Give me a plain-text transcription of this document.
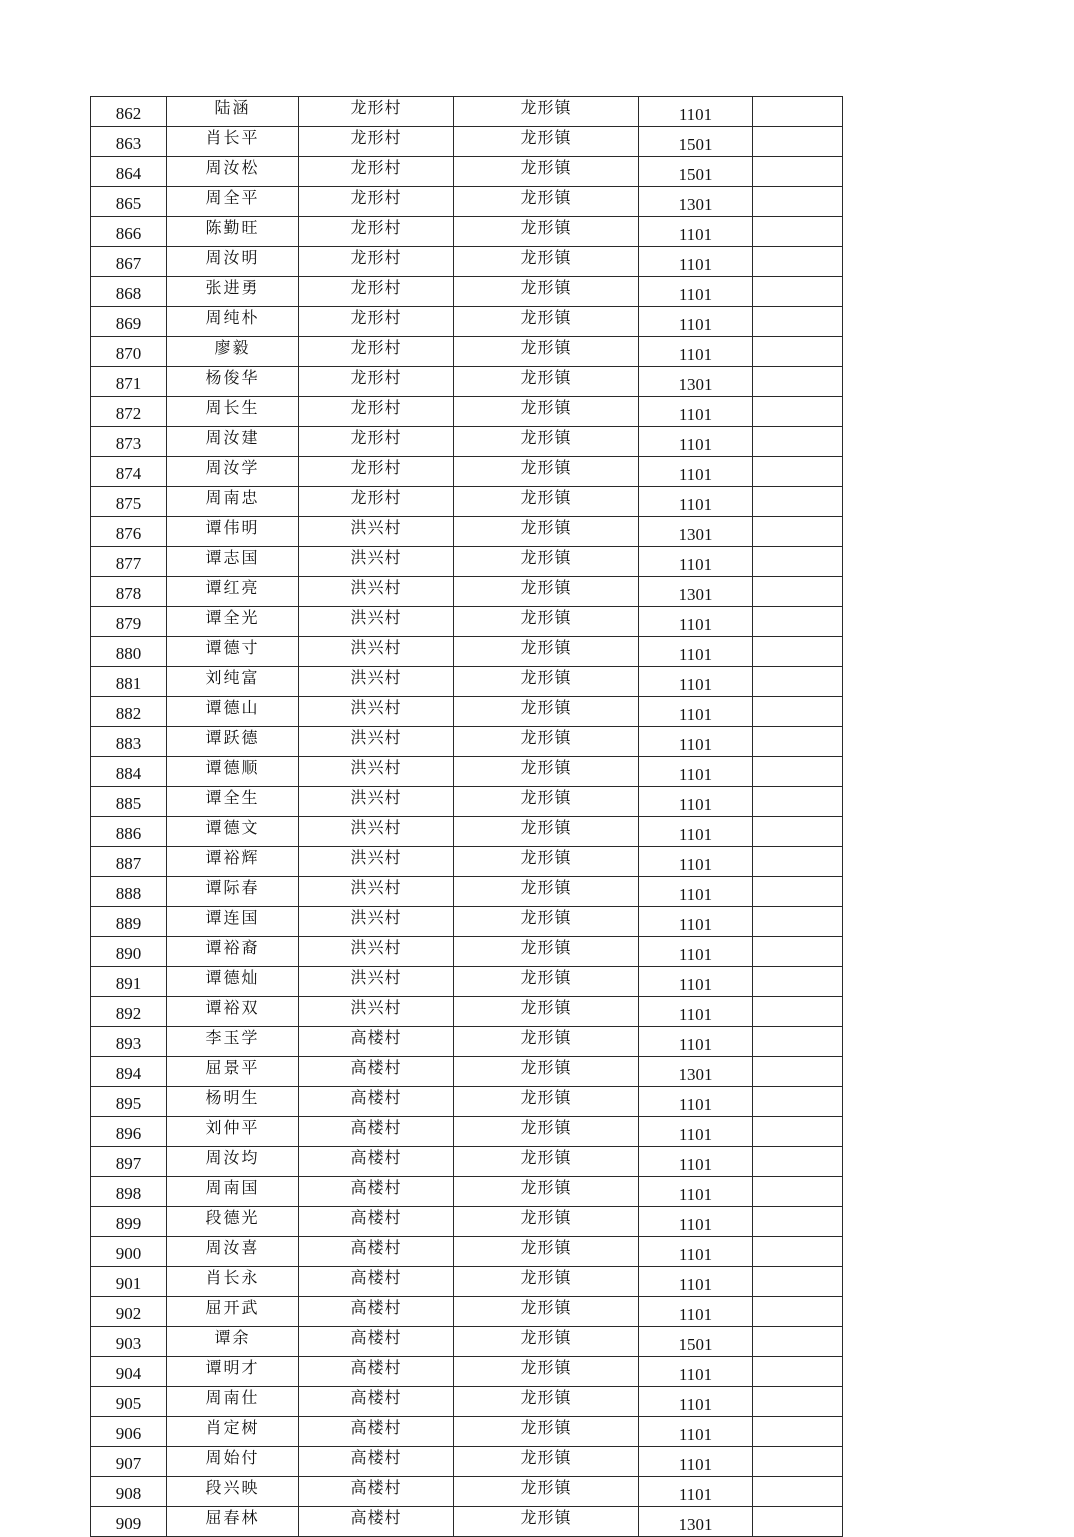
862	陆涵	龙形村	龙形镇	1101	
863	肖长平	龙形村	龙形镇	1501	
864	周汝松	龙形村	龙形镇	1501	
865	周全平	龙形村	龙形镇	1301	
866	陈勤旺	龙形村	龙形镇	1101	
867	周汝明	龙形村	龙形镇	1101	
868	张进勇	龙形村	龙形镇	1101	
869	周纯朴	龙形村	龙形镇	1101	
870	廖毅	龙形村	龙形镇	1101	
871	杨俊华	龙形村	龙形镇	1301	
872	周长生	龙形村	龙形镇	1101	
873	周汝建	龙形村	龙形镇	1101	
874	周汝学	龙形村	龙形镇	1101	
875	周南忠	龙形村	龙形镇	1101	
876	谭伟明	洪兴村	龙形镇	1301	
877	谭志国	洪兴村	龙形镇	1101	
878	谭红亮	洪兴村	龙形镇	1301	
879	谭全光	洪兴村	龙形镇	1101	
880	谭德寸	洪兴村	龙形镇	1101	
881	刘纯富	洪兴村	龙形镇	1101	
882	谭德山	洪兴村	龙形镇	1101	
883	谭跃德	洪兴村	龙形镇	1101	
884	谭德顺	洪兴村	龙形镇	1101	
885	谭全生	洪兴村	龙形镇	1101	
886	谭德文	洪兴村	龙形镇	1101	
887	谭裕辉	洪兴村	龙形镇	1101	
888	谭际春	洪兴村	龙形镇	1101	
889	谭连国	洪兴村	龙形镇	1101	
890	谭裕裔	洪兴村	龙形镇	1101	
891	谭德灿	洪兴村	龙形镇	1101	
892	谭裕双	洪兴村	龙形镇	1101	
893	李玉学	高楼村	龙形镇	1101	
894	屈景平	高楼村	龙形镇	1301	
895	杨明生	高楼村	龙形镇	1101	
896	刘仲平	高楼村	龙形镇	1101	
897	周汝均	高楼村	龙形镇	1101	
898	周南国	高楼村	龙形镇	1101	
899	段德光	高楼村	龙形镇	1101	
900	周汝喜	高楼村	龙形镇	1101	
901	肖长永	高楼村	龙形镇	1101	
902	屈开武	高楼村	龙形镇	1101	
903	谭余	高楼村	龙形镇	1501	
904	谭明才	高楼村	龙形镇	1101	
905	周南仕	高楼村	龙形镇	1101	
906	肖定树	高楼村	龙形镇	1101	
907	周始付	高楼村	龙形镇	1101	
908	段兴映	高楼村	龙形镇	1101	
909	屈春林	高楼村	龙形镇	1301	
